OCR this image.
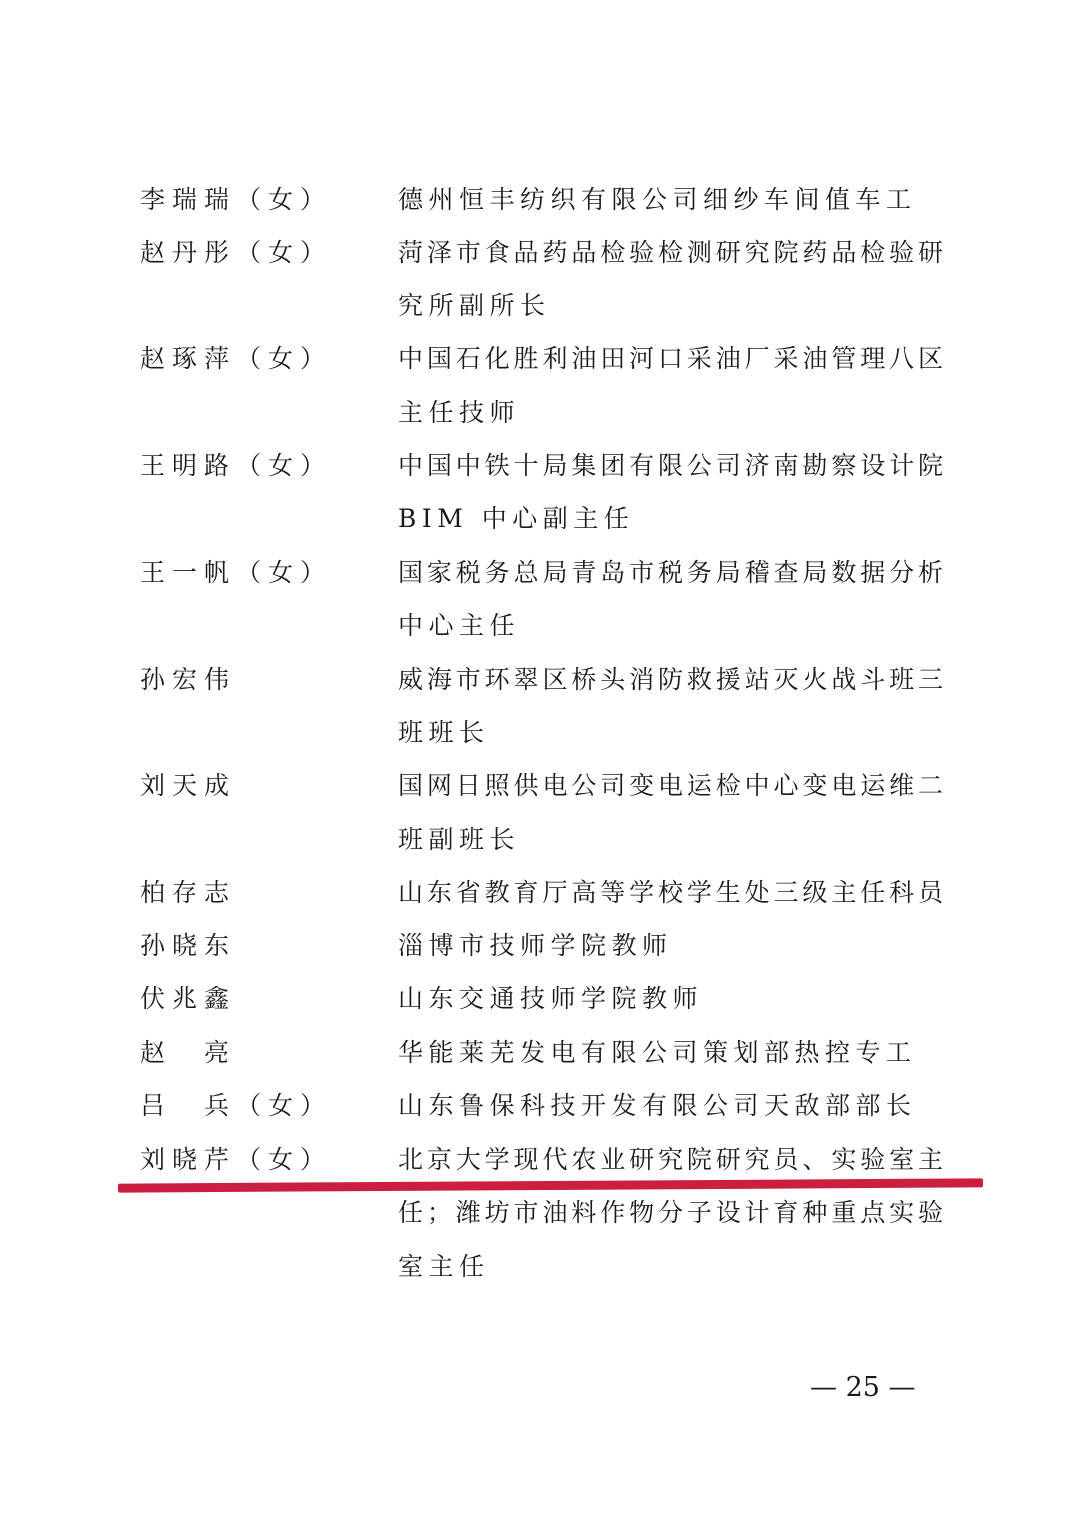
李瑞瑞（女）	德州恒丰纺织有限公司细纱车间值车工
赵丹彤（女）	菏泽市食品药品检验检测研究院药品检验研
究所副所长
赵琢萍（女）	中国石化胜利油田河口采油厂采油管理八区
主任技师
王明路（女）	中国中铁十局集团有限公司济南勘察设计院
BIM 中心副主任
王一帆（女）	国家税务总局青岛市税务局稽查局数据分析
中心主任
孙宏伟	威海市环翠区桥头消防救援站灭火战斗班三
班班长
刘天成	国网日照供电公司变电运检中心变电运维二
班副班长
柏存志	山东省教育厅高等学校学生处三级主任科员
孙晓东	淄博市技师学院教师
伏兆鑫	山东交通技师学院教师
赵　亮	华能莱芜发电有限公司策划部热控专工
吕　兵（女）	山东鲁保科技开发有限公司天敌部部长
刘晓芹（女）	北京大学现代农业研究院研究员、实验室主
任；潍坊市油料作物分子设计育种重点实验
室主任
— 25 —
